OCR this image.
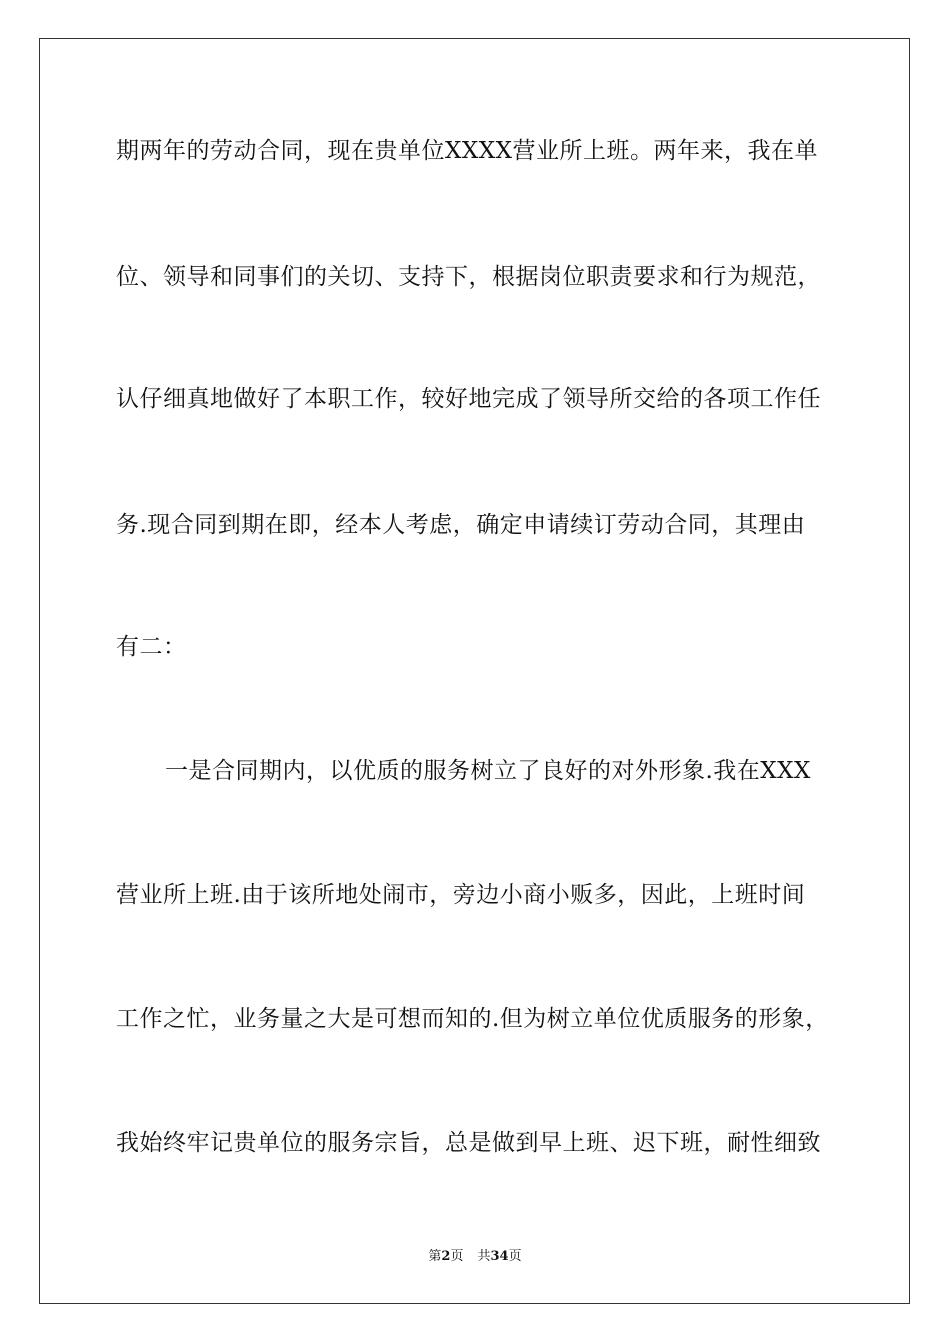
期两年的劳动合同，现在贵单位XXXX营业所上班。两年来，我在单
位、领导和同事们的关切、支持下，根据岗位职责要求和行为规范，
认仔细真地做好了本职工作，较好地完成了领导所交给的各项工作任
务.现合同到期在即，经本人考虑，确定申请续订劳动合同，其理由
有二：
一是合同期内，以优质的服务树立了良好的对外形象.我在XXX
营业所上班.由于该所地处闹市，旁边小商小贩多，因此，上班时间
工作之忙，业务量之大是可想而知的.但为树立单位优质服务的形象，
我始终牢记贵单位的服务宗旨，总是做到早上班、迟下班，耐性细致
第2页 共34页
